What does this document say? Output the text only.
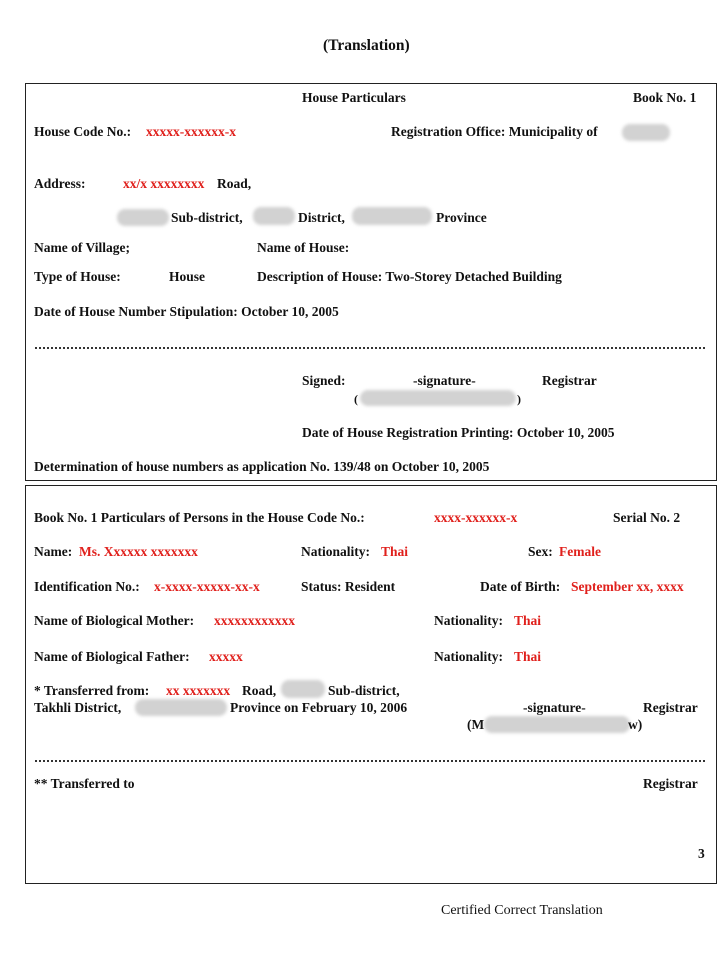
(Translation)
House Particulars	Book No. 1
House Code No.: xxxxx-xxxxxx-x	Registration Office: Municipality of
Address:	xx/x xxxxxxxx Road,
Sub-district,	District,	Province
Name of Village;	Name of House:
Type of House:	House	Description of House: Two-Storey Detached Building
Date of House Number Stipulation: October 10, 2005
Signed:	-signature-	Registrar
(	)
Date of House Registration Printing: October 10, 2005
Determination of house numbers as application No. 139/48 on October 10, 2005
Book No. 1 Particulars of Persons in the House Code No.:	xxxx-xxxxxx-x	Serial No. 2
Name: Ms. Xxxxxx xxxxxxx	Nationality: Thai	Sex: Female
Identification No.: x-xxxx-xxxxx-xx-x	Status: Resident	Date of Birth: September xx, xxxx
Name of Biological Mother: xxxxxxxxxxxx	Nationality: Thai
Name of Biological Father: xxxxx	Nationality: Thai
* Transferred from: xx xxxxxxx Road,	Sub-district,
Takhli District,	Province on February 10, 2006	-signature-	Registrar
(M	w)
** Transferred to	Registrar
3
Certified Correct Translation
